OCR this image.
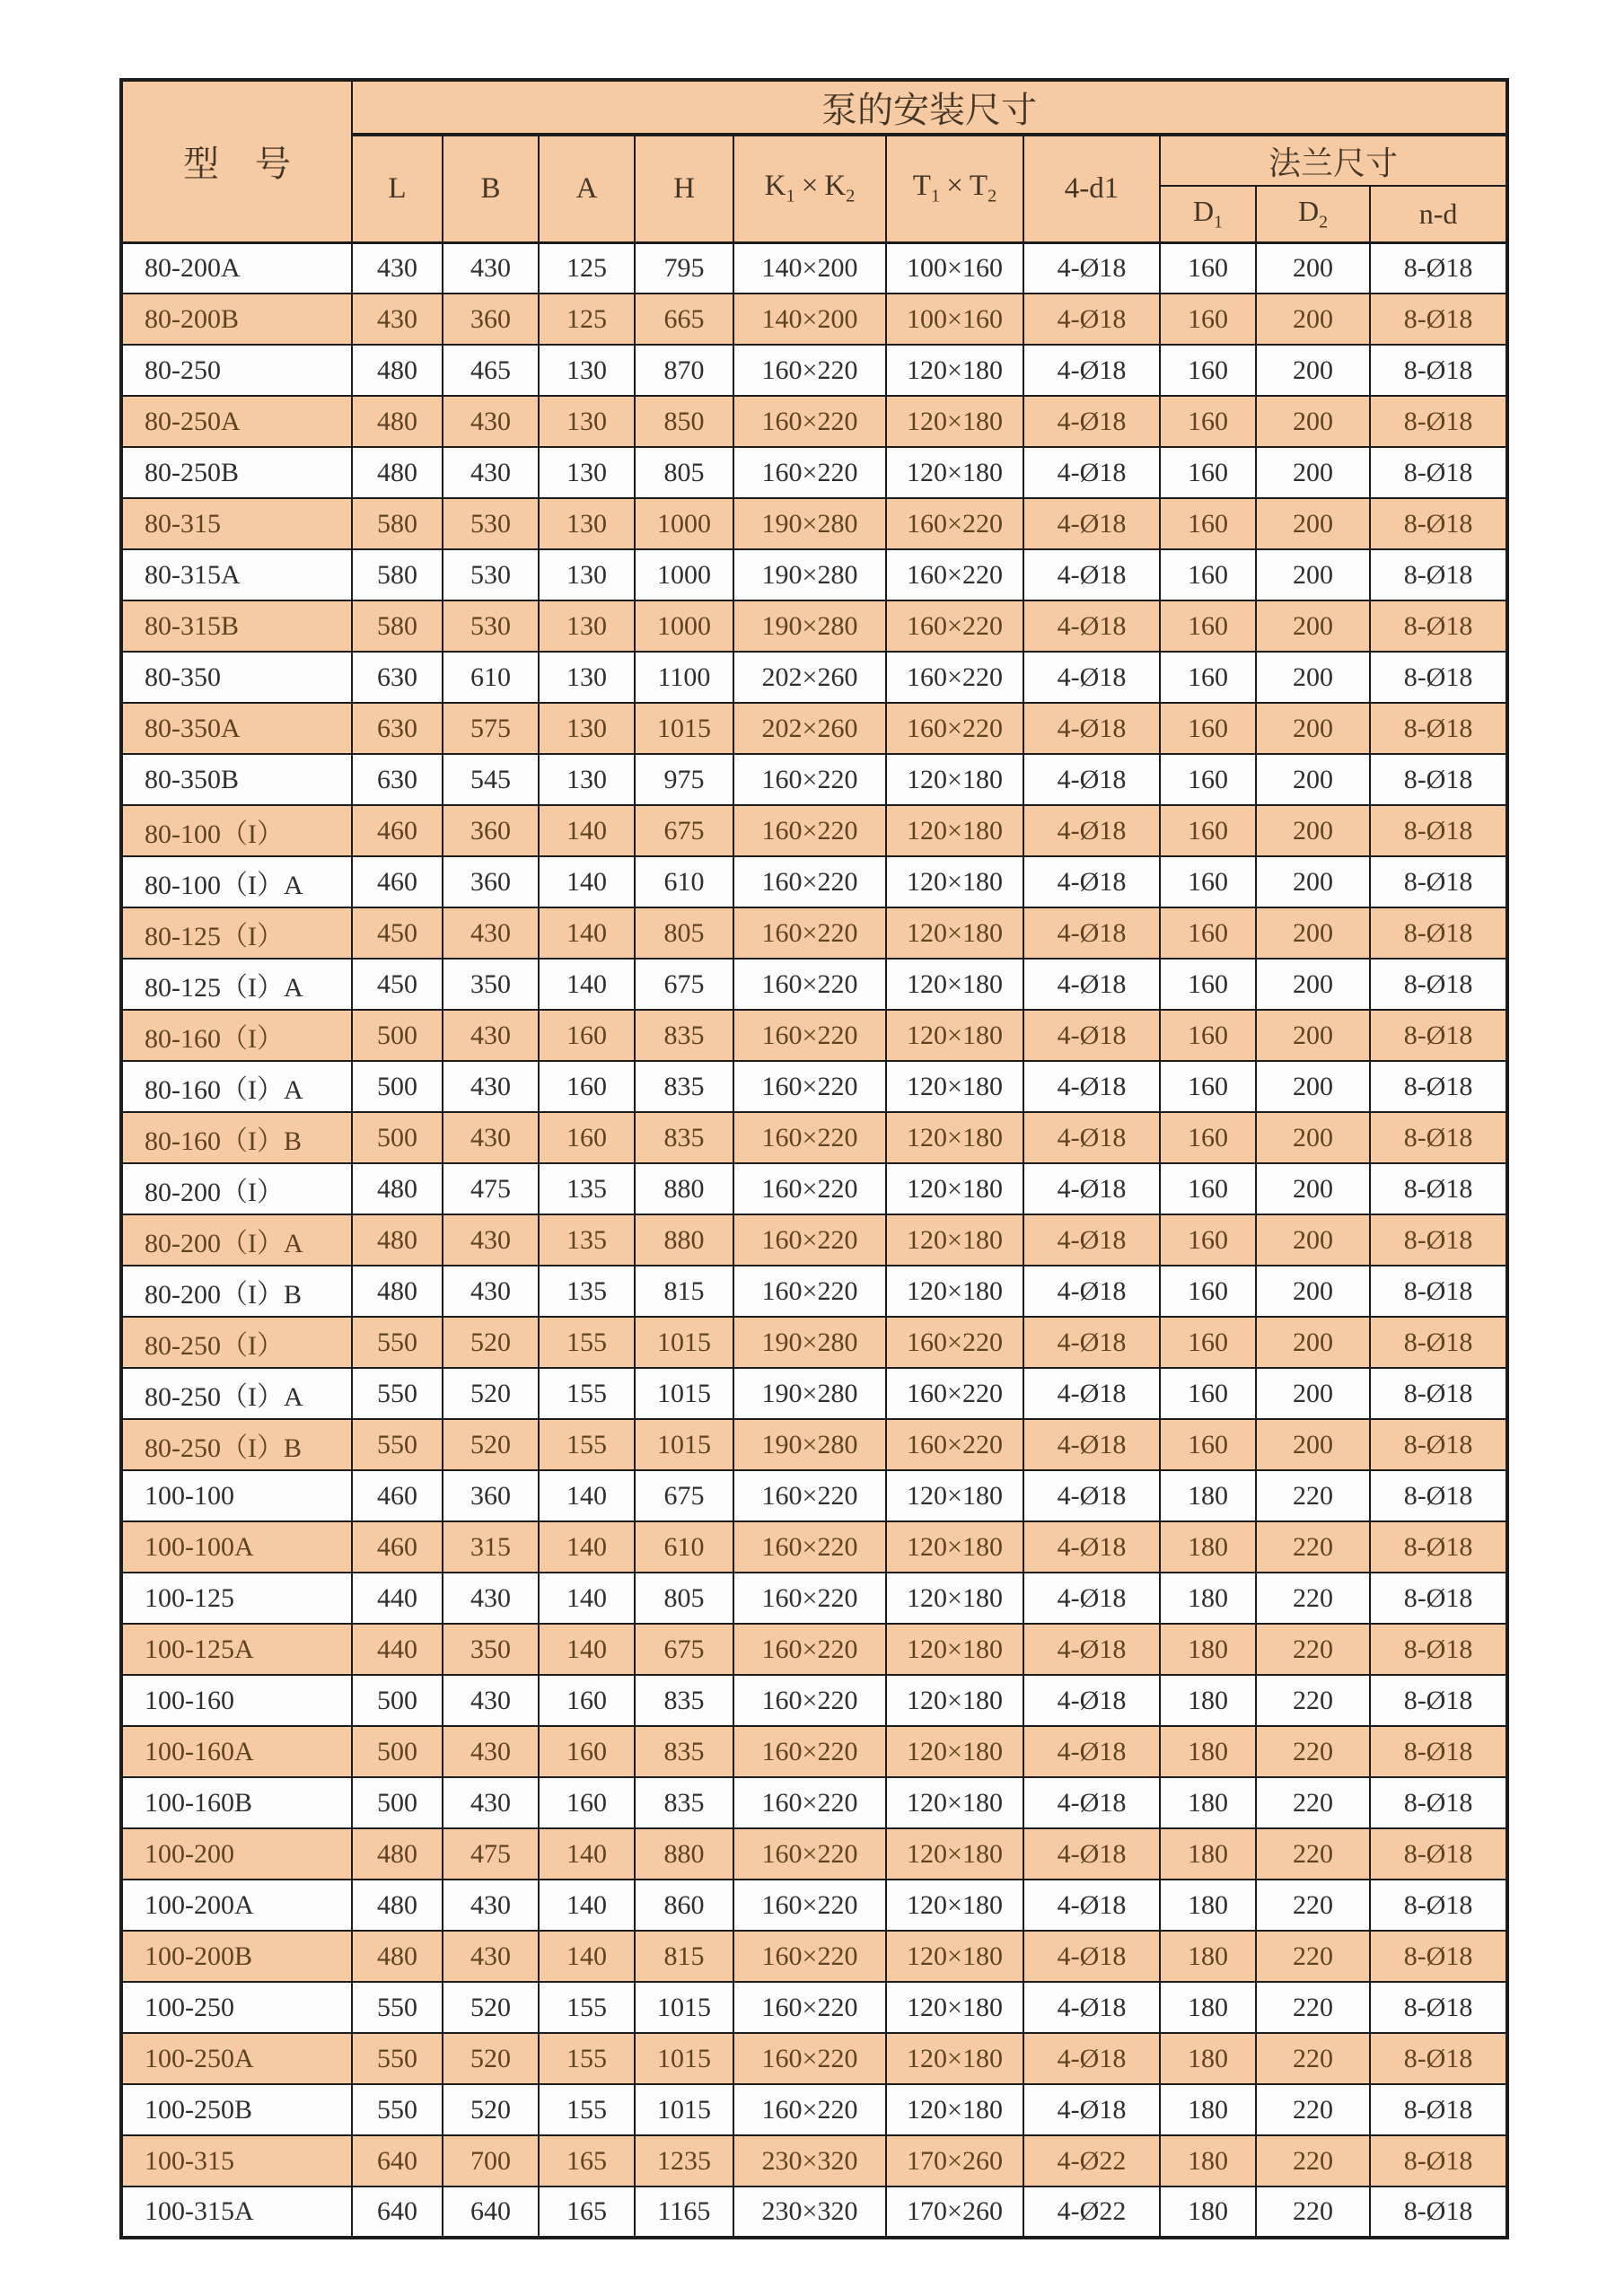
型　号	泵的安装尺寸									
	L	B	A	H	$K_1 \times K_2$	$T_1 \times T_2$	4-d1	法兰尺寸		
								$D_1$	$D_2$	n-d
80-200A	430	430	125	795	140×200	100×160	4-Ø18	160	200	8-Ø18
80-200B	430	360	125	665	140×200	100×160	4-Ø18	160	200	8-Ø18
80-250	480	465	130	870	160×220	120×180	4-Ø18	160	200	8-Ø18
80-250A	480	430	130	850	160×220	120×180	4-Ø18	160	200	8-Ø18
80-250B	480	430	130	805	160×220	120×180	4-Ø18	160	200	8-Ø18
80-315	580	530	130	1000	190×280	160×220	4-Ø18	160	200	8-Ø18
80-315A	580	530	130	1000	190×280	160×220	4-Ø18	160	200	8-Ø18
80-315B	580	530	130	1000	190×280	160×220	4-Ø18	160	200	8-Ø18
80-350	630	610	130	1100	202×260	160×220	4-Ø18	160	200	8-Ø18
80-350A	630	575	130	1015	202×260	160×220	4-Ø18	160	200	8-Ø18
80-350B	630	545	130	975	160×220	120×180	4-Ø18	160	200	8-Ø18
80-100（I）	460	360	140	675	160×220	120×180	4-Ø18	160	200	8-Ø18
80-100（I）A	460	360	140	610	160×220	120×180	4-Ø18	160	200	8-Ø18
80-125（I）	450	430	140	805	160×220	120×180	4-Ø18	160	200	8-Ø18
80-125（I）A	450	350	140	675	160×220	120×180	4-Ø18	160	200	8-Ø18
80-160（I）	500	430	160	835	160×220	120×180	4-Ø18	160	200	8-Ø18
80-160（I）A	500	430	160	835	160×220	120×180	4-Ø18	160	200	8-Ø18
80-160（I）B	500	430	160	835	160×220	120×180	4-Ø18	160	200	8-Ø18
80-200（I）	480	475	135	880	160×220	120×180	4-Ø18	160	200	8-Ø18
80-200（I）A	480	430	135	880	160×220	120×180	4-Ø18	160	200	8-Ø18
80-200（I）B	480	430	135	815	160×220	120×180	4-Ø18	160	200	8-Ø18
80-250（I）	550	520	155	1015	190×280	160×220	4-Ø18	160	200	8-Ø18
80-250（I）A	550	520	155	1015	190×280	160×220	4-Ø18	160	200	8-Ø18
80-250（I）B	550	520	155	1015	190×280	160×220	4-Ø18	160	200	8-Ø18
100-100	460	360	140	675	160×220	120×180	4-Ø18	180	220	8-Ø18
100-100A	460	315	140	610	160×220	120×180	4-Ø18	180	220	8-Ø18
100-125	440	430	140	805	160×220	120×180	4-Ø18	180	220	8-Ø18
100-125A	440	350	140	675	160×220	120×180	4-Ø18	180	220	8-Ø18
100-160	500	430	160	835	160×220	120×180	4-Ø18	180	220	8-Ø18
100-160A	500	430	160	835	160×220	120×180	4-Ø18	180	220	8-Ø18
100-160B	500	430	160	835	160×220	120×180	4-Ø18	180	220	8-Ø18
100-200	480	475	140	880	160×220	120×180	4-Ø18	180	220	8-Ø18
100-200A	480	430	140	860	160×220	120×180	4-Ø18	180	220	8-Ø18
100-200B	480	430	140	815	160×220	120×180	4-Ø18	180	220	8-Ø18
100-250	550	520	155	1015	160×220	120×180	4-Ø18	180	220	8-Ø18
100-250A	550	520	155	1015	160×220	120×180	4-Ø18	180	220	8-Ø18
100-250B	550	520	155	1015	160×220	120×180	4-Ø18	180	220	8-Ø18
100-315	640	700	165	1235	230×320	170×260	4-Ø22	180	220	8-Ø18
100-315A	640	640	165	1165	230×320	170×260	4-Ø22	180	220	8-Ø18
